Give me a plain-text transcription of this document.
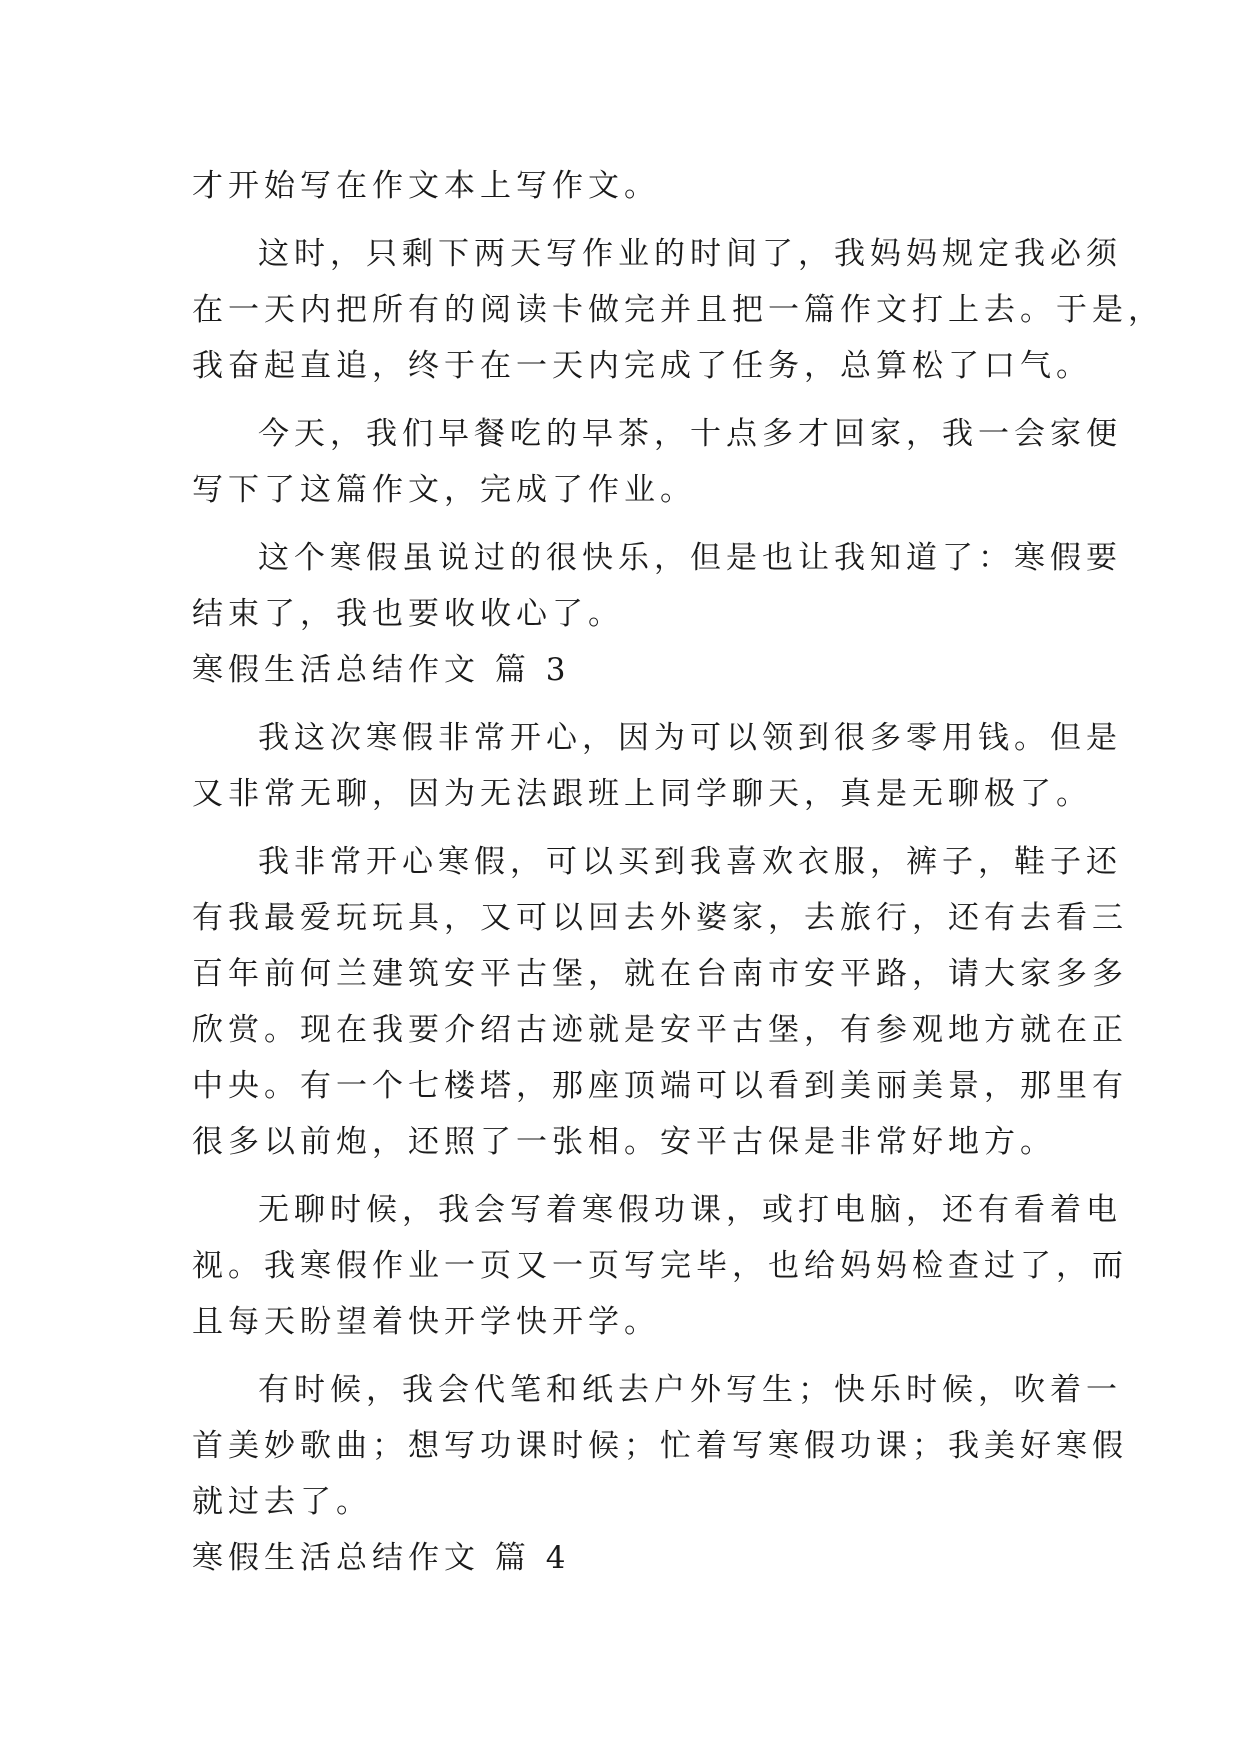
才开始写在作文本上写作文。
这时，只剩下两天写作业的时间了，我妈妈规定我必须
在一天内把所有的阅读卡做完并且把一篇作文打上去。于是，
我奋起直追，终于在一天内完成了任务，总算松了口气。
今天，我们早餐吃的早茶，十点多才回家，我一会家便
写下了这篇作文，完成了作业。
这个寒假虽说过的很快乐，但是也让我知道了：寒假要
结束了，我也要收收心了。
寒假生活总结作文 篇 3
我这次寒假非常开心，因为可以领到很多零用钱。但是
又非常无聊，因为无法跟班上同学聊天，真是无聊极了。
我非常开心寒假，可以买到我喜欢衣服，裤子，鞋子还
有我最爱玩玩具，又可以回去外婆家，去旅行，还有去看三
百年前何兰建筑安平古堡，就在台南市安平路，请大家多多
欣赏。现在我要介绍古迹就是安平古堡，有参观地方就在正
中央。有一个七楼塔，那座顶端可以看到美丽美景，那里有
很多以前炮，还照了一张相。安平古保是非常好地方。
无聊时候，我会写着寒假功课，或打电脑，还有看着电
视。我寒假作业一页又一页写完毕，也给妈妈检查过了，而
且每天盼望着快开学快开学。
有时候，我会代笔和纸去户外写生；快乐时候，吹着一
首美妙歌曲；想写功课时候；忙着写寒假功课；我美好寒假
就过去了。
寒假生活总结作文 篇 4
